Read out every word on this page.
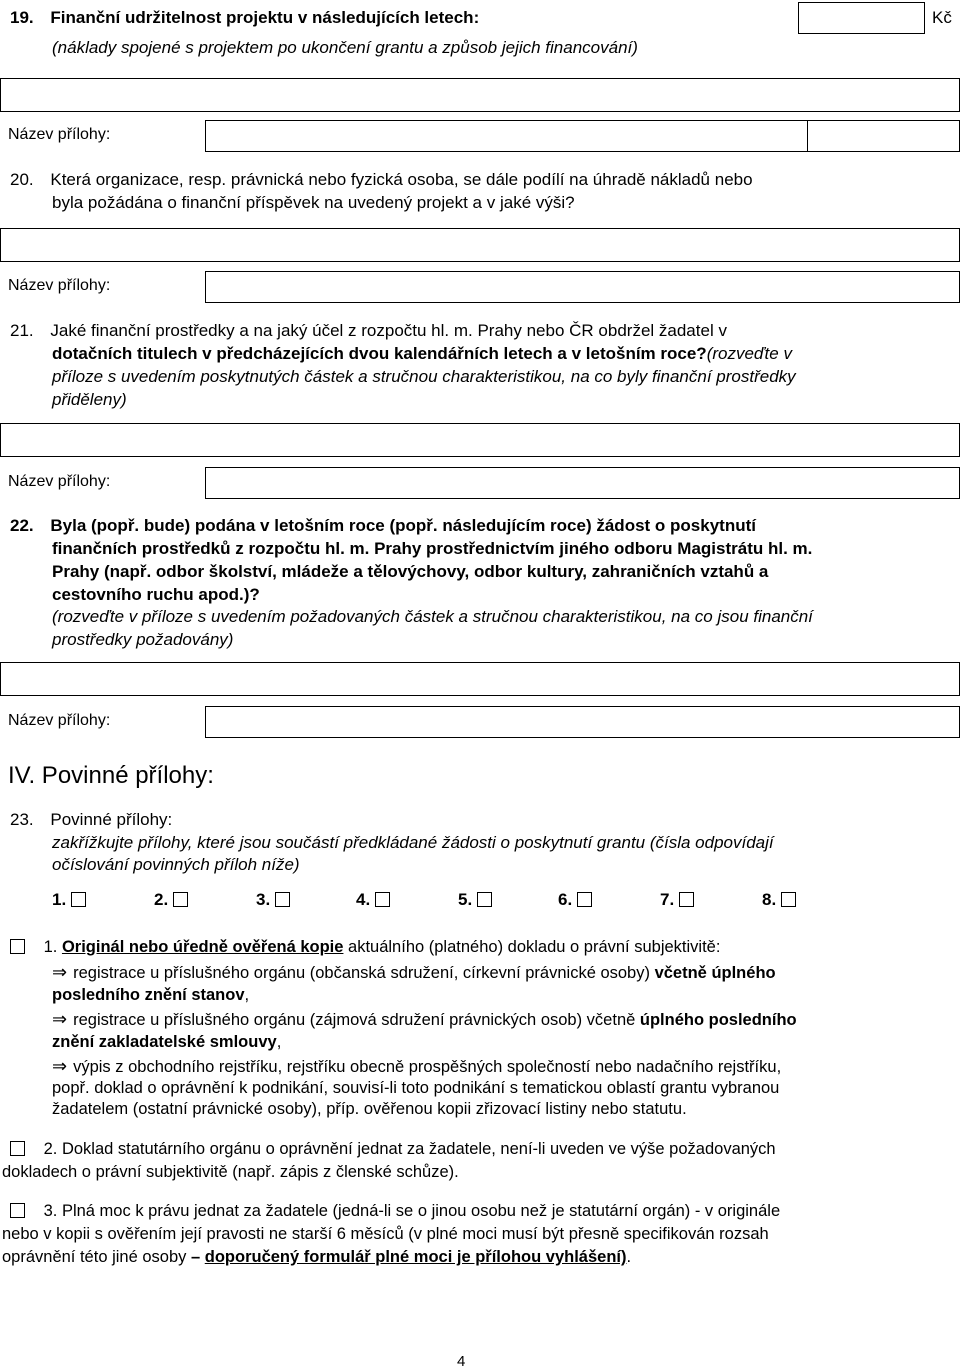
19. Finanční udržitelnost projektu v následujících letech:
(náklady spojené s projektem po ukončení grantu a způsob jejich financování)
Kč
Název přílohy:
20. Která organizace, resp. právnická nebo fyzická osoba, se dále podílí na úhradě nákladů nebo
byla požádána o finanční příspěvek na uvedený projekt a v jaké výši?
Název přílohy:
21. Jaké finanční prostředky a na jaký účel z rozpočtu hl. m. Prahy nebo ČR obdržel žadatel v
dotačních titulech v předcházejících dvou kalendářních letech a v letošním roce?(rozveďte v
příloze s uvedením poskytnutých částek a stručnou charakteristikou, na co byly finanční prostředky
přiděleny)
Název přílohy:
22. Byla (popř. bude) podána v letošním roce (popř. následujícím roce) žádost o poskytnutí
finančních prostředků z rozpočtu hl. m. Prahy prostřednictvím jiného odboru Magistrátu hl. m.
Prahy (např. odbor školství, mládeže a tělovýchovy, odbor kultury, zahraničních vztahů a
cestovního ruchu apod.)?
(rozveďte v příloze s uvedením požadovaných částek a stručnou charakteristikou, na co jsou finanční
prostředky požadovány)
Název přílohy:
IV. Povinné přílohy:
23. Povinné přílohy:
zakřížkujte přílohy, které jsou součástí předkládané žádosti o poskytnutí grantu (čísla odpovídají
očíslování povinných příloh níže)
1.	2.	3.	4.	5.	6.	7.	8.
1. Originál nebo úředně ověřená kopie aktuálního (platného) dokladu o právní subjektivitě:
⇒ registrace u příslušného orgánu (občanská sdružení, církevní právnické osoby) včetně úplného
posledního znění stanov,
⇒ registrace u příslušného orgánu (zájmová sdružení právnických osob) včetně úplného posledního
znění zakladatelské smlouvy,
⇒ výpis z obchodního rejstříku, rejstříku obecně prospěšných společností nebo nadačního rejstříku,
popř. doklad o oprávnění k podnikání, souvisí-li toto podnikání s tematickou oblastí grantu vybranou
žadatelem (ostatní právnické osoby), příp. ověřenou kopii zřizovací listiny nebo statutu.
2. Doklad statutárního orgánu o oprávnění jednat za žadatele, není-li uveden ve výše požadovaných
dokladech o právní subjektivitě (např. zápis z členské schůze).
3. Plná moc k právu jednat za žadatele (jedná-li se o jinou osobu než je statutární orgán) - v originále
nebo v kopii s ověřením její pravosti ne starší 6 měsíců (v plné moci musí být přesně specifikován rozsah
oprávnění této jiné osoby – doporučený formulář plné moci je přílohou vyhlášení).
4
